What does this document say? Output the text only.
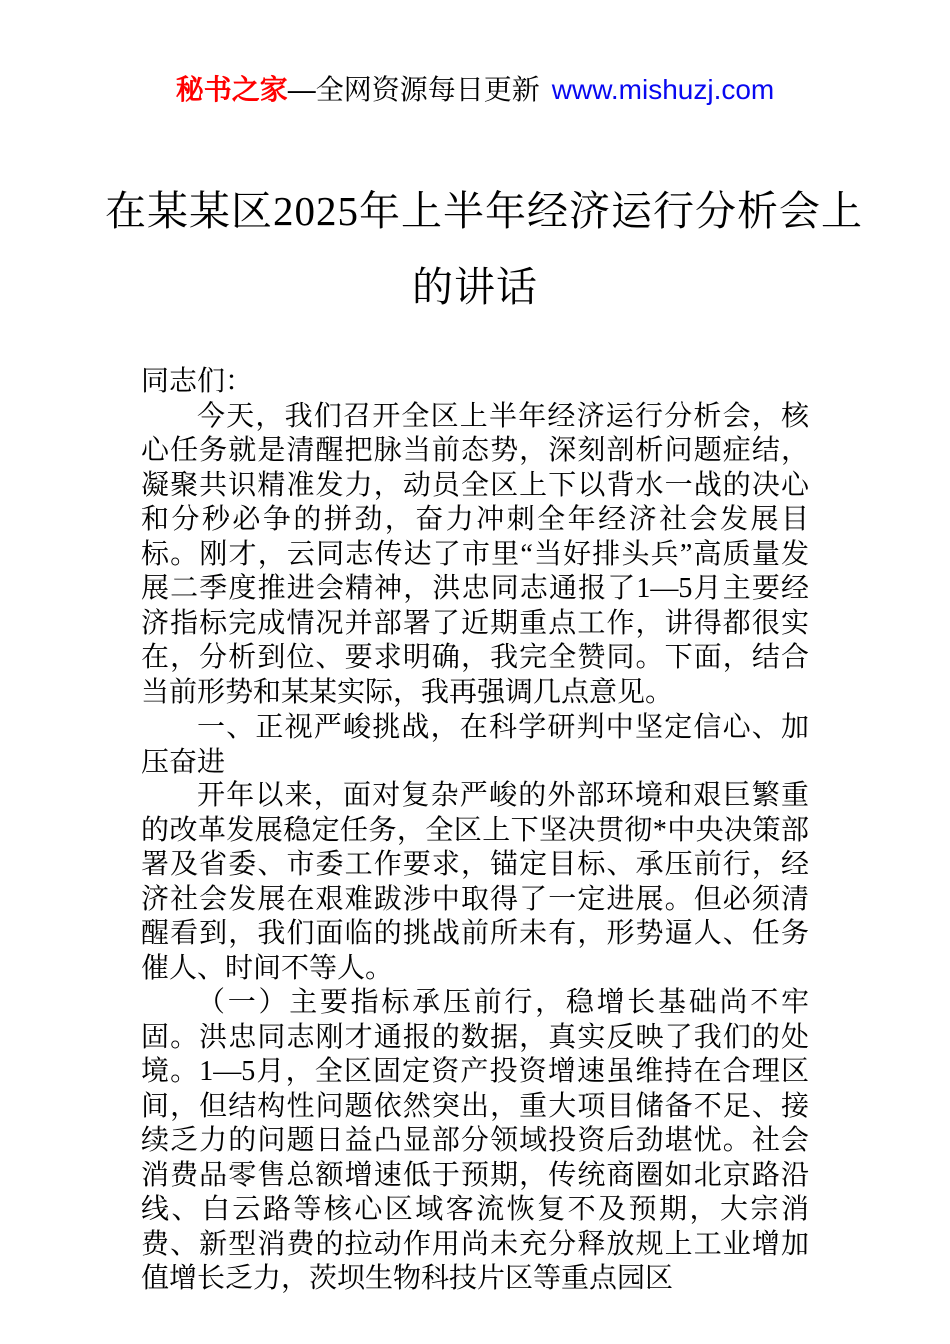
秘书之家—全网资源每日更新 www.mishuzj.com
在某某区2025年上半年经济运行分析会上
的讲话

同志们：

今天，我们召开全区上半年经济运行分析会，核心任务就是清醒把脉当前态势，深刻剖析问题症结，凝聚共识精准发力，动员全区上下以背水一战的决心和分秒必争的拼劲，奋力冲刺全年经济社会发展目标。刚才，云同志传达了市里“当好排头兵”高质量发展二季度推进会精神，洪忠同志通报了1—5月主要经济指标完成情况并部署了近期重点工作，讲得都很实在，分析到位、要求明确，我完全赞同。下面，结合当前形势和某某实际，我再强调几点意见。

一、正视严峻挑战，在科学研判中坚定信心、加压奋进

开年以来，面对复杂严峻的外部环境和艰巨繁重的改革发展稳定任务，全区上下坚决贯彻*中央决策部署及省委、市委工作要求，锚定目标、承压前行，经济社会发展在艰难跋涉中取得了一定进展。但必须清醒看到，我们面临的挑战前所未有，形势逼人、任务催人、时间不等人。

（一）主要指标承压前行，稳增长基础尚不牢固。洪忠同志刚才通报的数据，真实反映了我们的处境。1—5月，全区固定资产投资增速虽维持在合理区间，但结构性问题依然突出，重大项目储备不足、接续乏力的问题日益凸显部分领域投资后劲堪忧。社会消费品零售总额增速低于预期，传统商圈如北京路沿线、白云路等核心区域客流恢复不及预期，大宗消费、新型消费的拉动作用尚未充分释放规上工业增加值增长乏力，茨坝生物科技片区等重点园区
